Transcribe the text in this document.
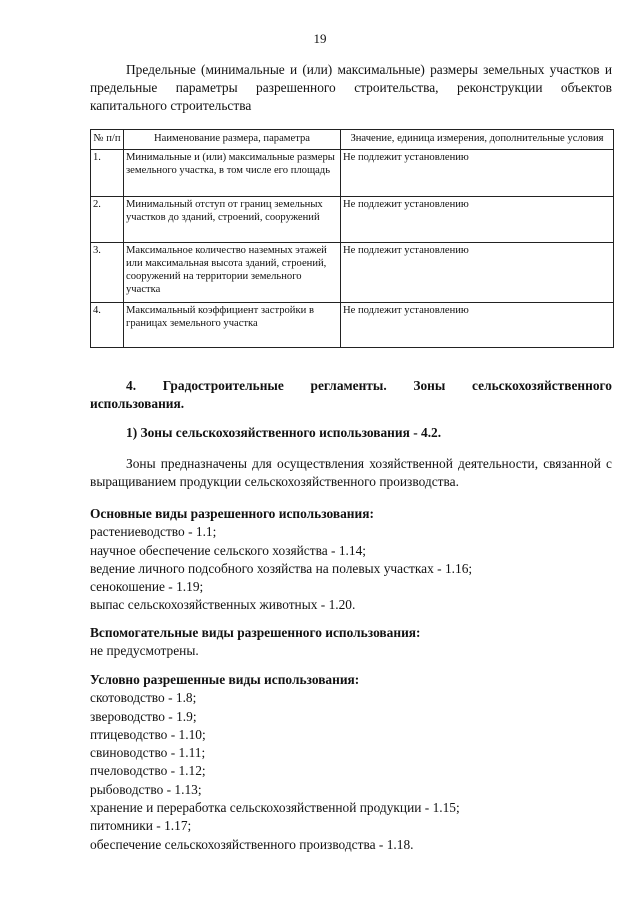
19

Предельные (минимальные и (или) максимальные) размеры земельных участков и предельные параметры разрешенного строительства, реконструкции объектов капитального строительства

№ п/п	Наименование размера, параметра	Значение, единица измерения, дополнительные условия
1.	Минимальные и (или) максимальные размеры земельного участка, в том числе его площадь	Не подлежит установлению
2.	Минимальный отступ от границ земельных участков до зданий, строений, сооружений	Не подлежит установлению
3.	Максимальное количество наземных этажей или максимальная высота зданий, строений, сооружений на территории земельного участка	Не подлежит установлению
4.	Максимальный коэффициент застройки в границах земельного участка	Не подлежит установлению

4. Градостроительные регламенты. Зоны сельскохозяйственного использования.

1) Зоны сельскохозяйственного использования - 4.2.

Зоны предназначены для осуществления хозяйственной деятельности, связанной с выращиванием продукции сельскохозяйственного производства.

Основные виды разрешенного использования:
растениеводство - 1.1;
научное обеспечение сельского хозяйства - 1.14;
ведение личного подсобного хозяйства на полевых участках - 1.16;
сенокошение - 1.19;
выпас сельскохозяйственных животных - 1.20.
Вспомогательные виды разрешенного использования:
не предусмотрены.
Условно разрешенные виды использования:
скотоводство - 1.8;
звероводство - 1.9;
птицеводство - 1.10;
свиноводство - 1.11;
пчеловодство - 1.12;
рыбоводство - 1.13;
хранение и переработка сельскохозяйственной продукции - 1.15;
питомники - 1.17;
обеспечение сельскохозяйственного производства - 1.18.
